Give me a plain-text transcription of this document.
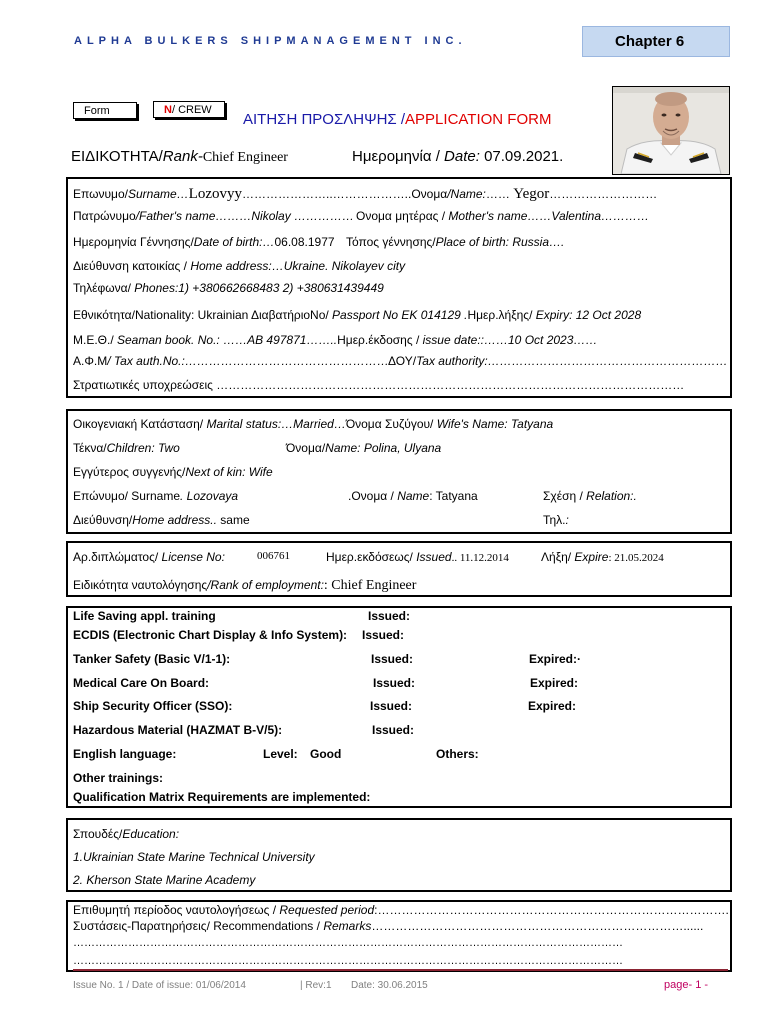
ALPHA BULKERS SHIPMANAGEMENT INC.	Chapter 6
Form	N/ CREW
ΑΙΤΗΣΗ ΠΡΟΣΛΗΨΗΣ /APPLICATION FORM
ΕΙΔΙΚΟΤΗΤΑ/Rank-Chief Engineer	Ημερομηνία / Date: 07.09.2021.
Επωνυμο/Surname…Lozovyy…………………..………………..Ονομα/Name:…… Yegor………………………
Πατρώνυμο/Father's name………Nikolay …………… Ονομα μητέρας / Mother's name……Valentina…………
Ημερομηνία Γέννησης/Date of birth:…06.08.1977 Τόπος γέννησης/Place of birth: Russia….
Διεύθυνση κατοικίας / Home address:…Ukraine. Nikolayev city
Τηλέφωνα/ Phones:1) +380662668483 2) +380631439449
Εθνικότητα/Nationality: Ukrainian ΔιαβατήριοNo/ Passport No EK 014129 .Ημερ.λήξης/ Expiry: 12 Oct 2028
Μ.Ε.Θ./ Seaman book. No.: ……AB 497871……..Ημερ.έκδοσης / issue date::……10 Oct 2023……
Α.Φ.Μ/ Tax auth.No.:…………………………………………… ΔΟΥ/Tax authority:……………………………………………………
Στρατιωτικές υποχρεώσεις ………………………………………………………………………………………………………
Οικογενιακή Κατάσταση/ Marital status:…Married…Όνομα Συζύγου/ Wife's Name: Tatyana
Τέκνα/Children: Two	Όνομα/Name: Polina, Ulyana
Εγγύτερος συγγενής/Next of kin: Wife
Επώνυμο/ Surname. Lozovaya	.Ονομα / Name: Tatyana	Σχέση / Relation:.
Διεύθυνση/Home address.. same	Τηλ.:
Αρ.διπλώματος/ License No:	006761	Ημερ.εκδόσεως/ Issued.. 11.12.2014	Λήξη/ Expire: 21.05.2024
Ειδικότητα ναυτολόγησης/Rank of employment:: Chief Engineer
Life Saving appl. training	Issued:
ECDIS (Electronic Chart Display & Info System): Issued:
Tanker Safety (Basic V/1-1):	Issued:	Expired:·
Medical Care On Board:	Issued:	Expired:
Ship Security Officer (SSO):	Issued:	Expired:
Hazardous Material (HAZMAT B-V/5):	Issued:
English language:	Level: Good	Others:
Other trainings:
Qualification Matrix Requirements are implemented:
Σπουδές/Education:
1.Ukrainian State Marine Technical University
2. Kherson State Marine Academy
Επιθυμητή περίοδος ναυτολογήσεως / Requested period:…………………………………………………………………………….
Συστάσεις-Παρατηρήσεις/ Recommendations / Remarks……………………………………………………………………......
……………………………………………………………………………………………………………………………………
……………………………………………………………………………………………………………………………………
Issue No. 1 / Date of issue: 01/06/2014	| Rev:1 Date: 30.06.2015	page- 1 -
